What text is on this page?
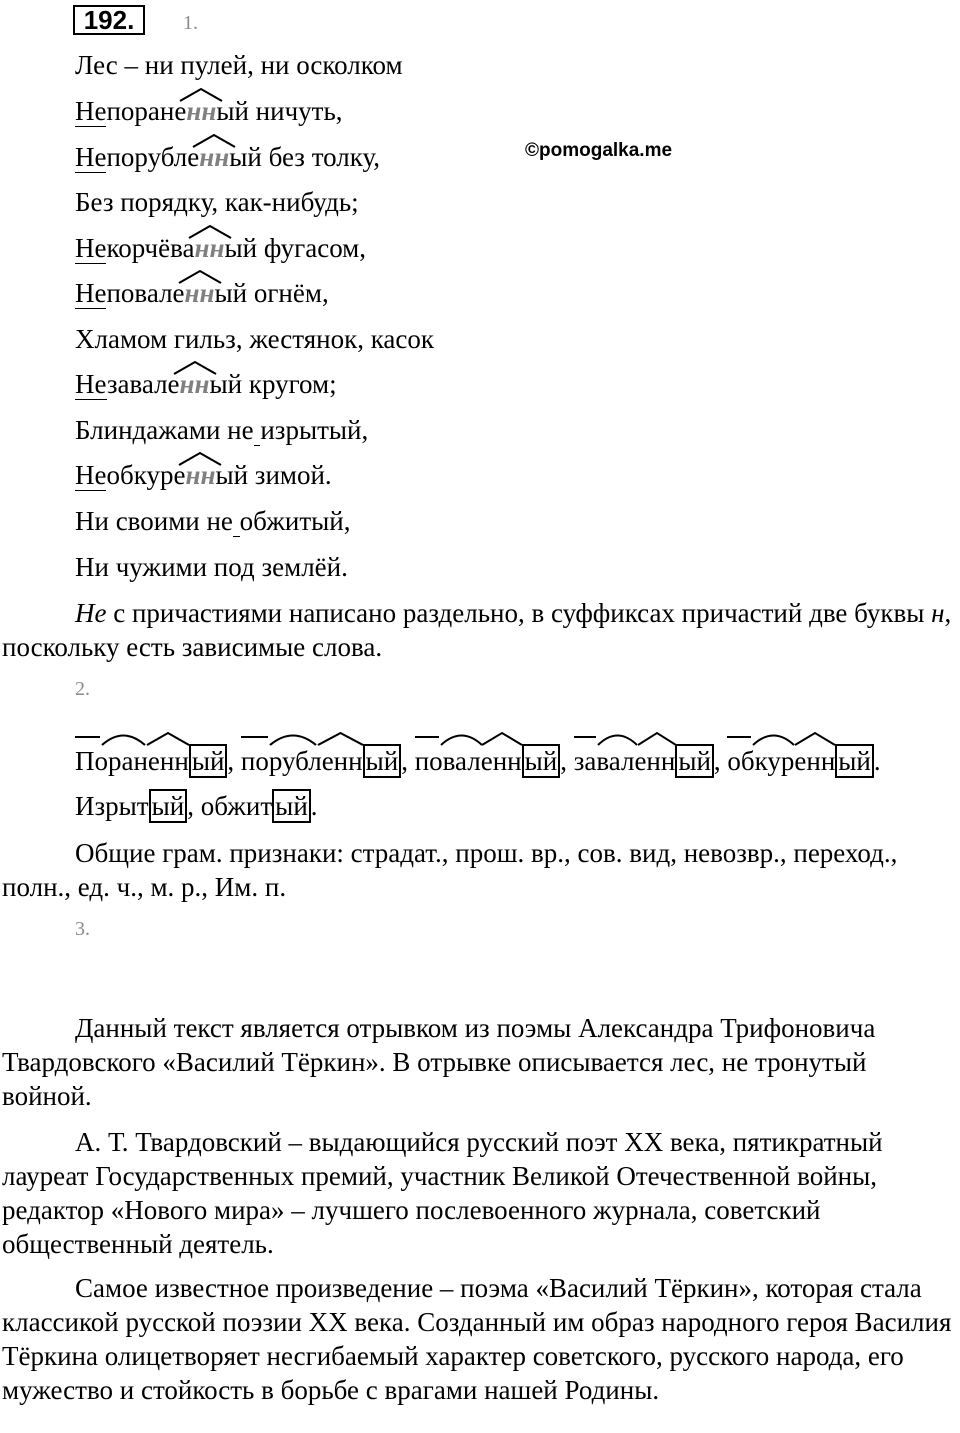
192.	1.
©pomogalka.me
Лес – ни пулей, ни осколком
Непоране
нный ничуть,
Непорубле
нный без толку,
Без порядку, как-нибудь;
Некорчёва
нный фугасом,
Неповале
нный огнём,
Хламом гильз, жестянок, касок
Незавале
нный кругом;
Блиндажами не изрытый,
Необкуре
нный зимой.
Ни своими не обжитый,
Ни чужими под землёй.
Не с причастиями написано раздельно, в суффиксах причастий две буквы н, поскольку есть зависимые слова.
2.
Пораненн ый , порубленн ый , поваленн ый , заваленн ый , обкуренн ый .
Изрыт ый , обжит ый .
Общие грам. признаки: страдат., прош. вр., сов. вид, невозвр., переход., полн., ед. ч., м. р., Им. п.
3.
Данный текст является отрывком из поэмы Александра Трифоновича Твардовского «Василий Тёркин». В отрывке описывается лес, не тронутый войной.
А. Т. Твардовский – выдающийся русский поэт XX века, пятикратный лауреат Государственных премий, участник Великой Отечественной войны, редактор «Нового мира» – лучшего послевоенного журнала, советский общественный деятель.
Самое известное произведение – поэма «Василий Тёркин», которая стала классикой русской поэзии XX века. Созданный им образ народного героя Василия Тёркина олицетворяет несгибаемый характер советского, русского народа, его мужество и стойкость в борьбе с врагами нашей Родины.
